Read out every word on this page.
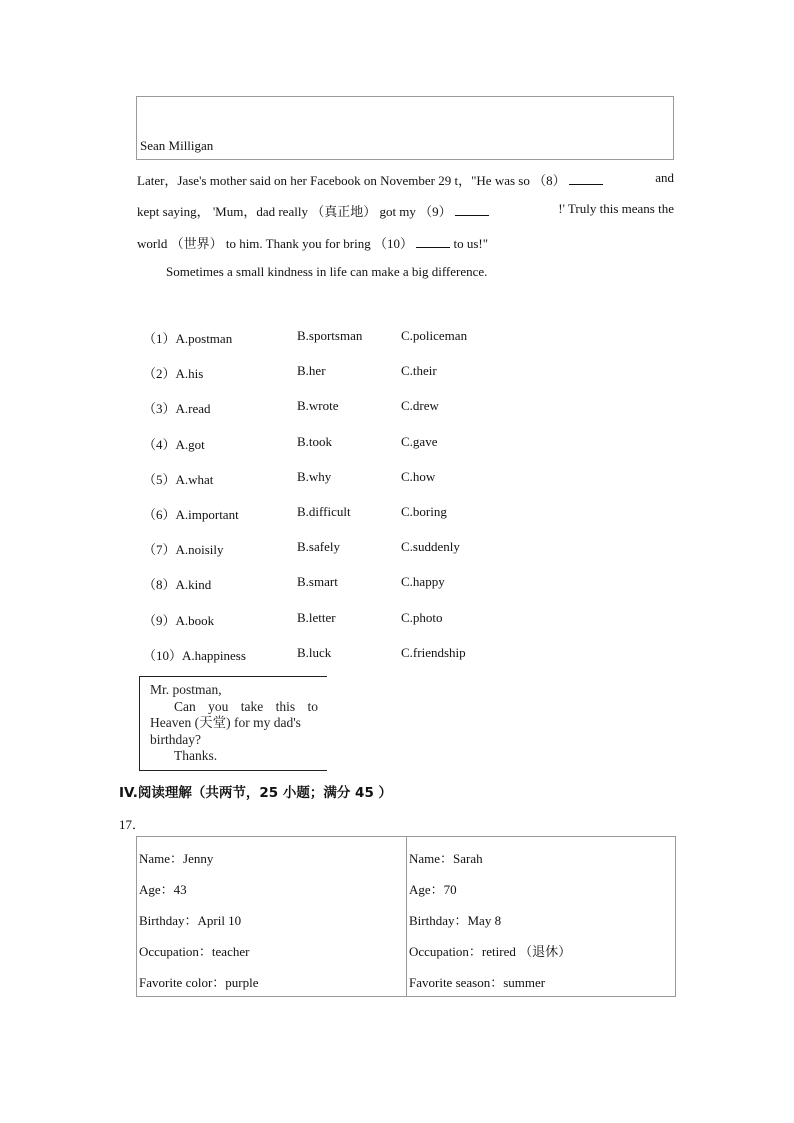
Sean Milligan
Later，Jase's mother said on her Facebook on November 29 t，"He was so （8）	and
kept saying， 'Mum，dad really （真正地） got my （9）	!' Truly this means the
world （世界） to him. Thank you for bring （10）	to us!"
Sometimes a small kindness in life can make a big difference.
（1）A.postman	B.sportsman	C.policeman
（2）A.his	B.her	C.their
（3）A.read	B.wrote	C.drew
（4）A.got	B.took	C.gave
（5）A.what	B.why	C.how
（6）A.important	B.difficult	C.boring
（7）A.noisily	B.safely	C.suddenly
（8）A.kind	B.smart	C.happy
（9）A.book	B.letter	C.photo
（10）A.happiness	B.luck	C.friendship
Mr. postman,
Can you take this to
Heaven (天堂) for my dad's
birthday?
Thanks.
IV.阅读理解（共两节，25 小题；满分 45 ）
17．
Name：Jenny
Age：43
Birthday：April 10
Occupation：teacher
Favorite color：purple

Name：Sarah
Age：70
Birthday：May 8
Occupation：retired （退休）
Favorite season：summer
